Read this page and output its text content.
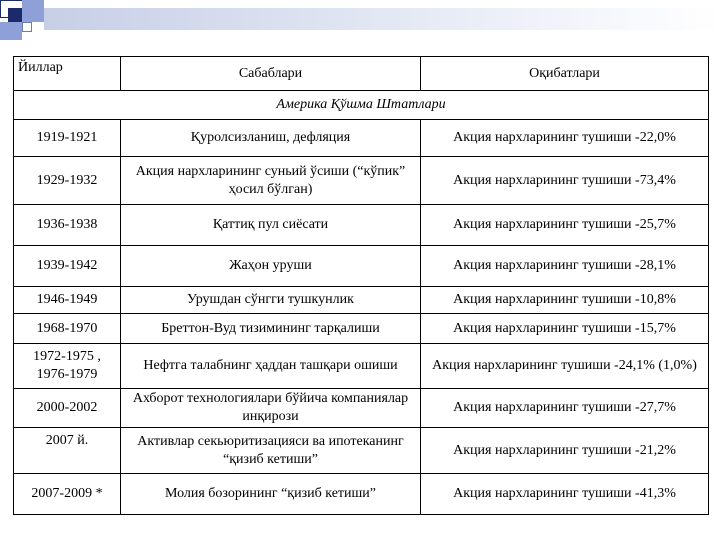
Йиллар	Сабаблари	Оқибатлари
Америка Қўшма Штатлари		
1919-1921	Қуролсизланиш, дефляция	Акция нархларининг тушиши -22,0%
1929-1932	Акция нархларининг суньий ўсиши (“кўпик” ҳосил бўлган)	Акция нархларининг тушиши -73,4%
1936-1938	Қаттиқ пул сиёсати	Акция нархларининг тушиши -25,7%
1939-1942	Жаҳон уруши	Акция нархларининг тушиши -28,1%
1946-1949	Урушдан сўнгги тушкунлик	Акция нархларининг тушиши -10,8%
1968-1970	Бреттон-Вуд тизимининг тарқалиши	Акция нархларининг тушиши -15,7%
1972-1975 , 1976-1979	Нефтга талабнинг ҳаддан ташқари ошиши	Акция нархларининг тушиши -24,1% (1,0%)
2000-2002	Ахборот технологиялари бўйича компаниялар инқирози	Акция нархларининг тушиши -27,7%
2007 й.	Активлар секьюритизацияси ва ипотеканинг “қизиб кетиши”	Акция нархларининг тушиши -21,2%
2007-2009 *	Молия бозорининг “қизиб кетиши”	Акция нархларининг тушиши -41,3%
